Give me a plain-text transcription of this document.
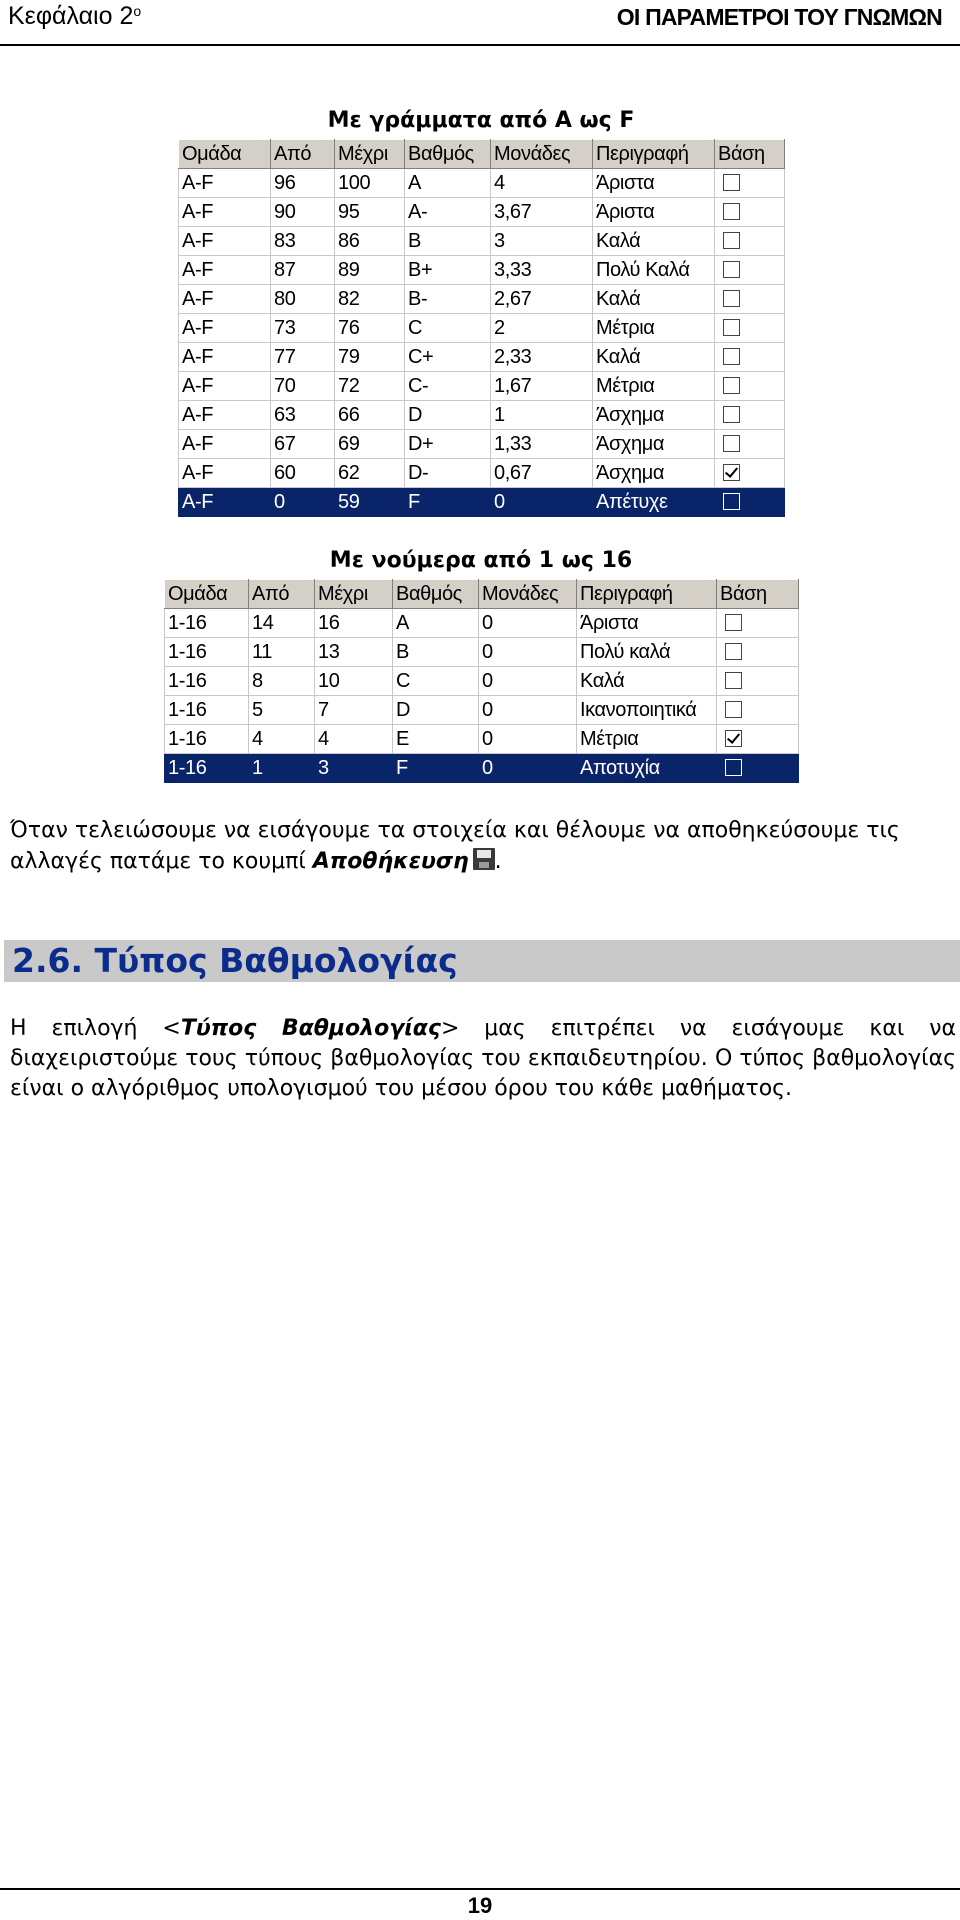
Κεφάλαιο $2^o$	ΟΙ ΠΑΡΑΜΕΤΡΟΙ ΤΟΥ ΓΝΩΜΩΝ
Με γράμματα από A ως F
Ομάδα	Από	Μέχρι	Βαθμός	Μονάδες	Περιγραφή	Βάση
A-F	96	100	A	4	Άριστα	
A-F	90	95	A-	3,67	Άριστα	
A-F	83	86	B	3	Καλά	
A-F	87	89	B+	3,33	Πολύ Καλά	
A-F	80	82	B-	2,67	Καλά	
A-F	73	76	C	2	Μέτρια	
A-F	77	79	C+	2,33	Καλά	
A-F	70	72	C-	1,67	Μέτρια	
A-F	63	66	D	1	Άσχημα	
A-F	67	69	D+	1,33	Άσχημα	
A-F	60	62	D-	0,67	Άσχημα	
A-F	0	59	F	0	Απέτυχε	
Με νούμερα από 1 ως 16
Ομάδα	Από	Μέχρι	Βαθμός	Μονάδες	Περιγραφή	Βάση
1-16	14	16	A	0	Άριστα	
1-16	11	13	B	0	Πολύ καλά	
1-16	8	10	C	0	Καλά	
1-16	5	7	D	0	Ικανοποιητικά	
1-16	4	4	E	0	Μέτρια	
1-16	1	3	F	0	Αποτυχία	
Όταν τελειώσουμε να εισάγουμε τα στοιχεία και θέλουμε να αποθηκεύσουμε τις αλλαγές πατάμε το κουμπί Αποθήκευση .
2.6. Τύπος Βαθμολογίας
Η επιλογή <Τύπος Βαθμολογίας> μας επιτρέπει να εισάγουμε και να διαχειριστούμε τους τύπους βαθμολογίας του εκπαιδευτηρίου. Ο τύπος βαθμολογίας είναι ο αλγόριθμος υπολογισμού του μέσου όρου του κάθε μαθήματος.
19
